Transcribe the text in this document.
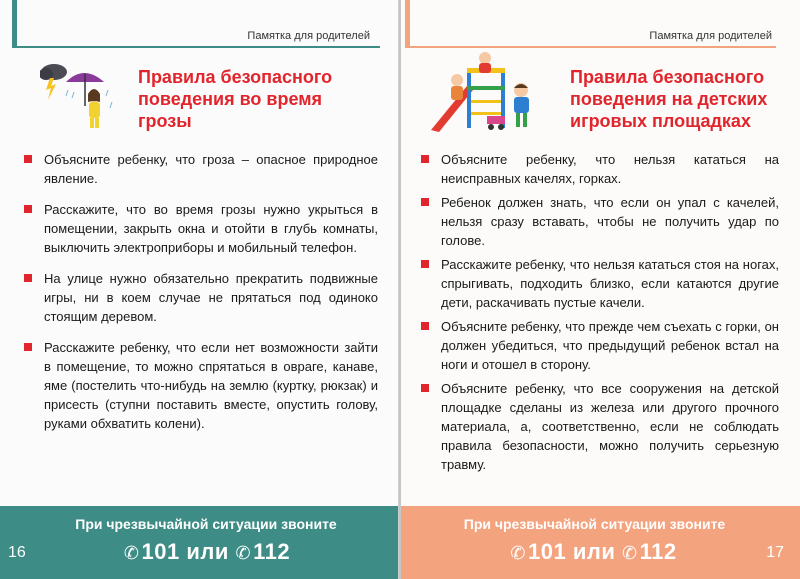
Памятка для родителей
Правила безопасного
поведения во время грозы
Объясните ребенку, что гроза – опасное природное явление.
Расскажите, что во время грозы нужно укрыться в помещении, закрыть окна и отойти в глубь комнаты, выключить электроприборы и мобильный телефон.
На улице нужно обязательно прекратить подвижные игры, ни в коем случае не прятаться под одиноко стоящим деревом.
Расскажите ребенку, что если нет возможности зайти в помещение, то можно спрятаться в овраге, канаве, яме (постелить что-нибудь на землю (куртку, рюкзак) и присесть (ступни поставить вместе, опустить голову, руками обхватить колени).
При чрезвычайной ситуации звоните
✆101 или ✆112
16
Памятка для родителей
Правила безопасного
поведения на детских
игровых площадках
Объясните ребенку, что нельзя кататься на неисправных качелях, горках.
Ребенок должен знать, что если он упал с качелей, нельзя сразу вставать, чтобы не получить удар по голове.
Расскажите ребенку, что нельзя кататься стоя на ногах, спрыгивать, подходить близко, если катаются другие дети, раскачивать пустые качели.
Объясните ребенку, что прежде чем съехать с горки, он должен убедиться, что предыдущий ребенок встал на ноги и отошел в сторону.
Объясните ребенку, что все сооружения на детской площадке сделаны из железа или другого прочного материала, а, соответственно, если не соблюдать правила безопасности, можно получить серьезную травму.
При чрезвычайной ситуации звоните
✆101 или ✆112	17
